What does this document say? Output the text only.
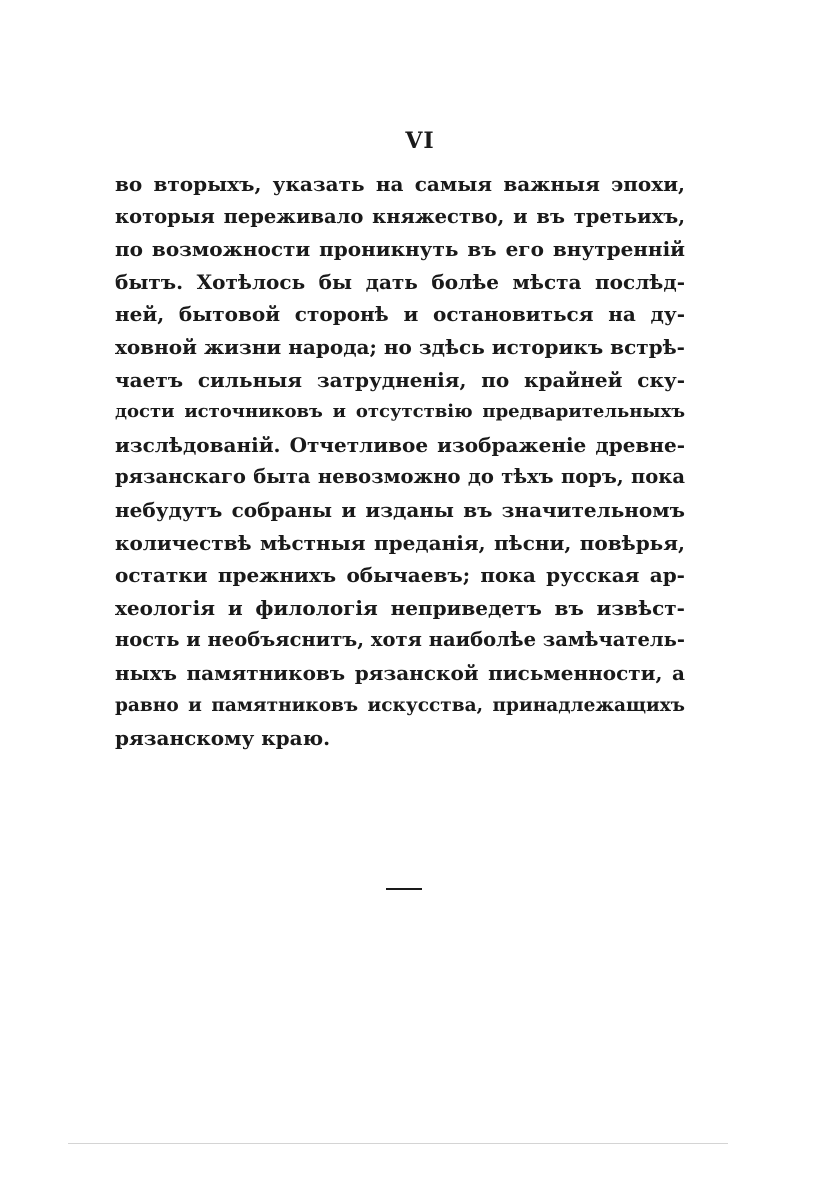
VI
во вторыхъ, указать на самыя важныя эпохи,
которыя переживало княжество, и въ третьихъ,
по возможности проникнуть въ его внутренній
бытъ. Хотѣлось бы дать болѣе мѣста послѣд-
ней, бытовой сторонѣ и остановиться на ду-
ховной жизни народа; но здѣсь историкъ встрѣ-
чаетъ сильныя затрудненія, по крайней ску-
дости источниковъ и отсутствію предварительныхъ
изслѣдованій. Отчетливое изображеніе древне-
рязанскаго быта невозможно до тѣхъ поръ, пока
небудутъ собраны и изданы въ значительномъ
количествѣ мѣстныя преданія, пѣсни, повѣрья,
остатки прежнихъ обычаевъ; пока русская ар-
хеологія и филологія неприведетъ въ извѣст-
ность и необъяснитъ, хотя наиболѣе замѣчатель-
ныхъ памятниковъ рязанской письменности, а
равно и памятниковъ искусства, принадлежащихъ
рязанскому краю.
